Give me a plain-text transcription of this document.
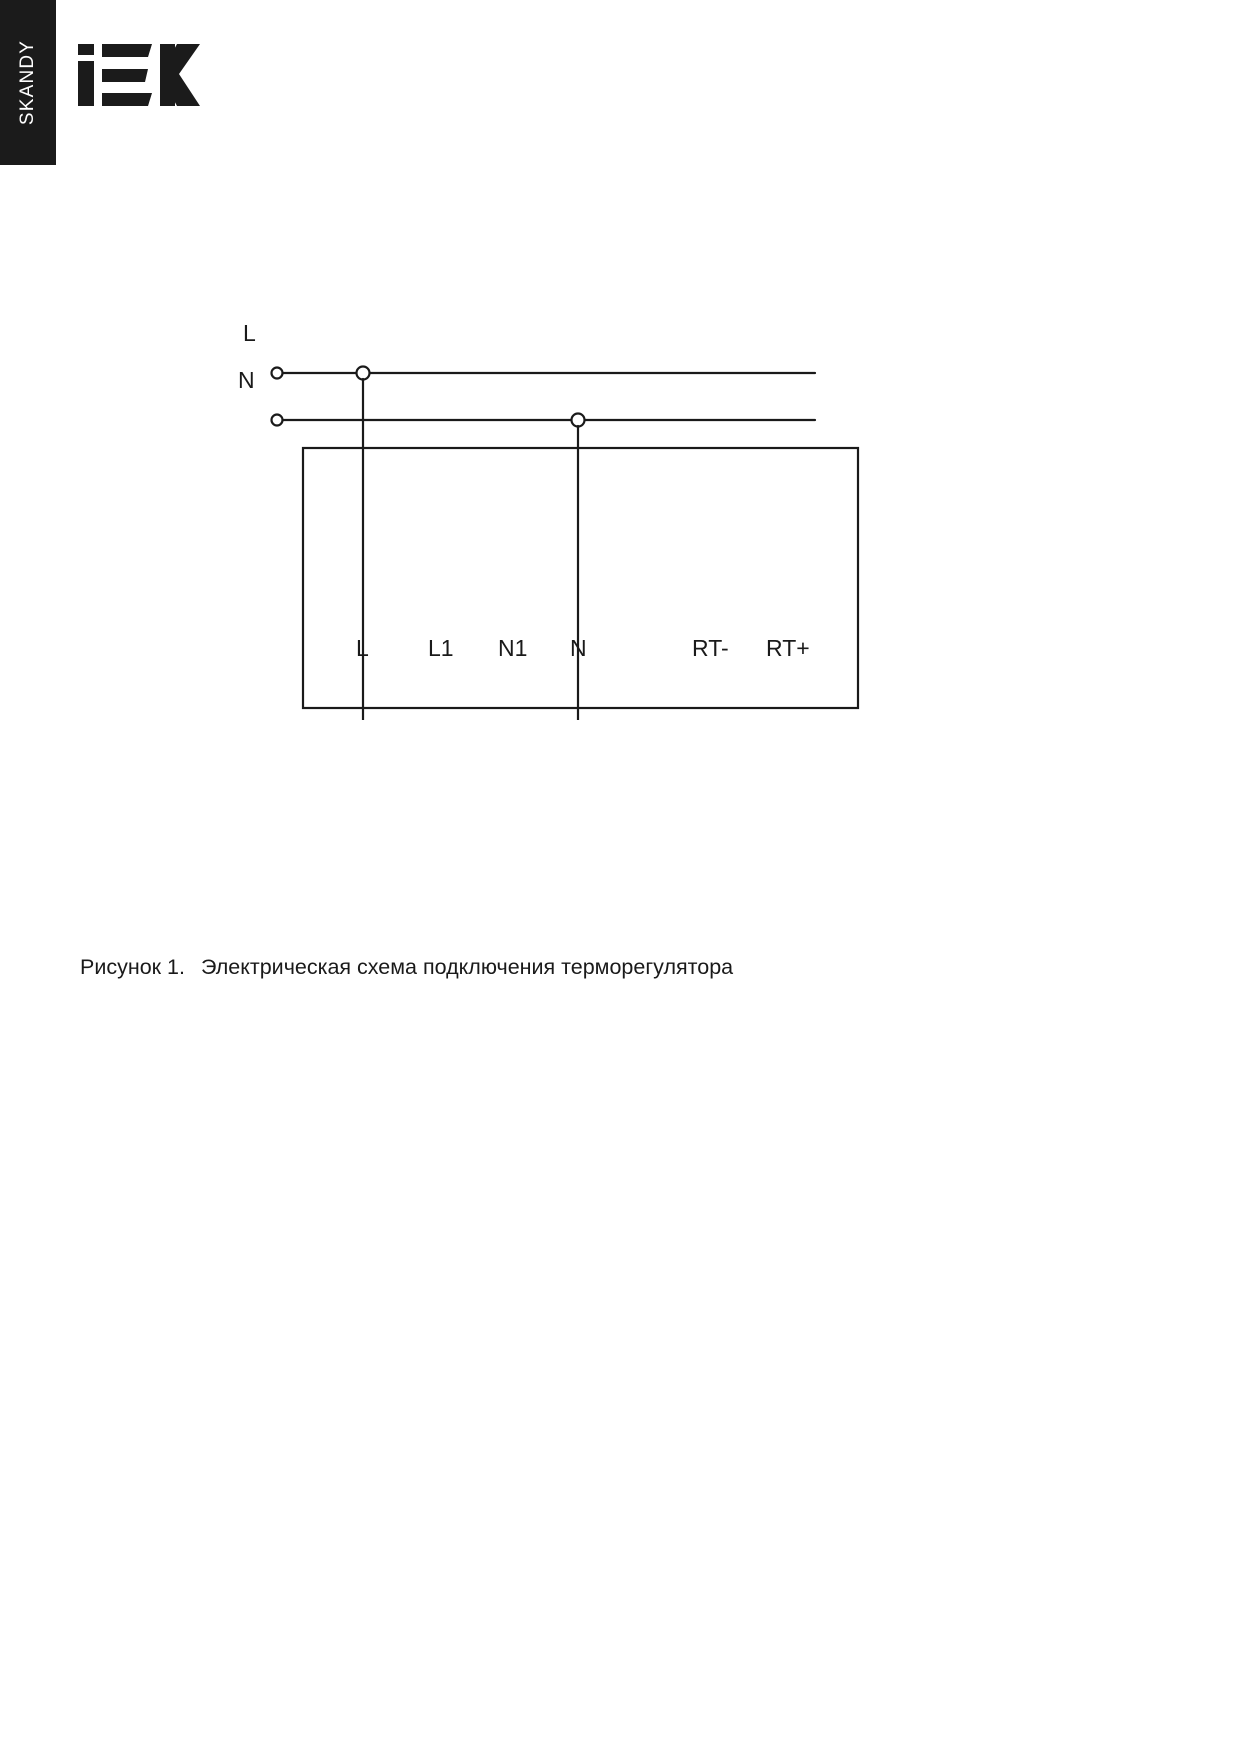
SKANDY
L
N
L	L1 N1 N	RT- RT+
Рисунок 1. Электрическая схема подключения терморегулятора
